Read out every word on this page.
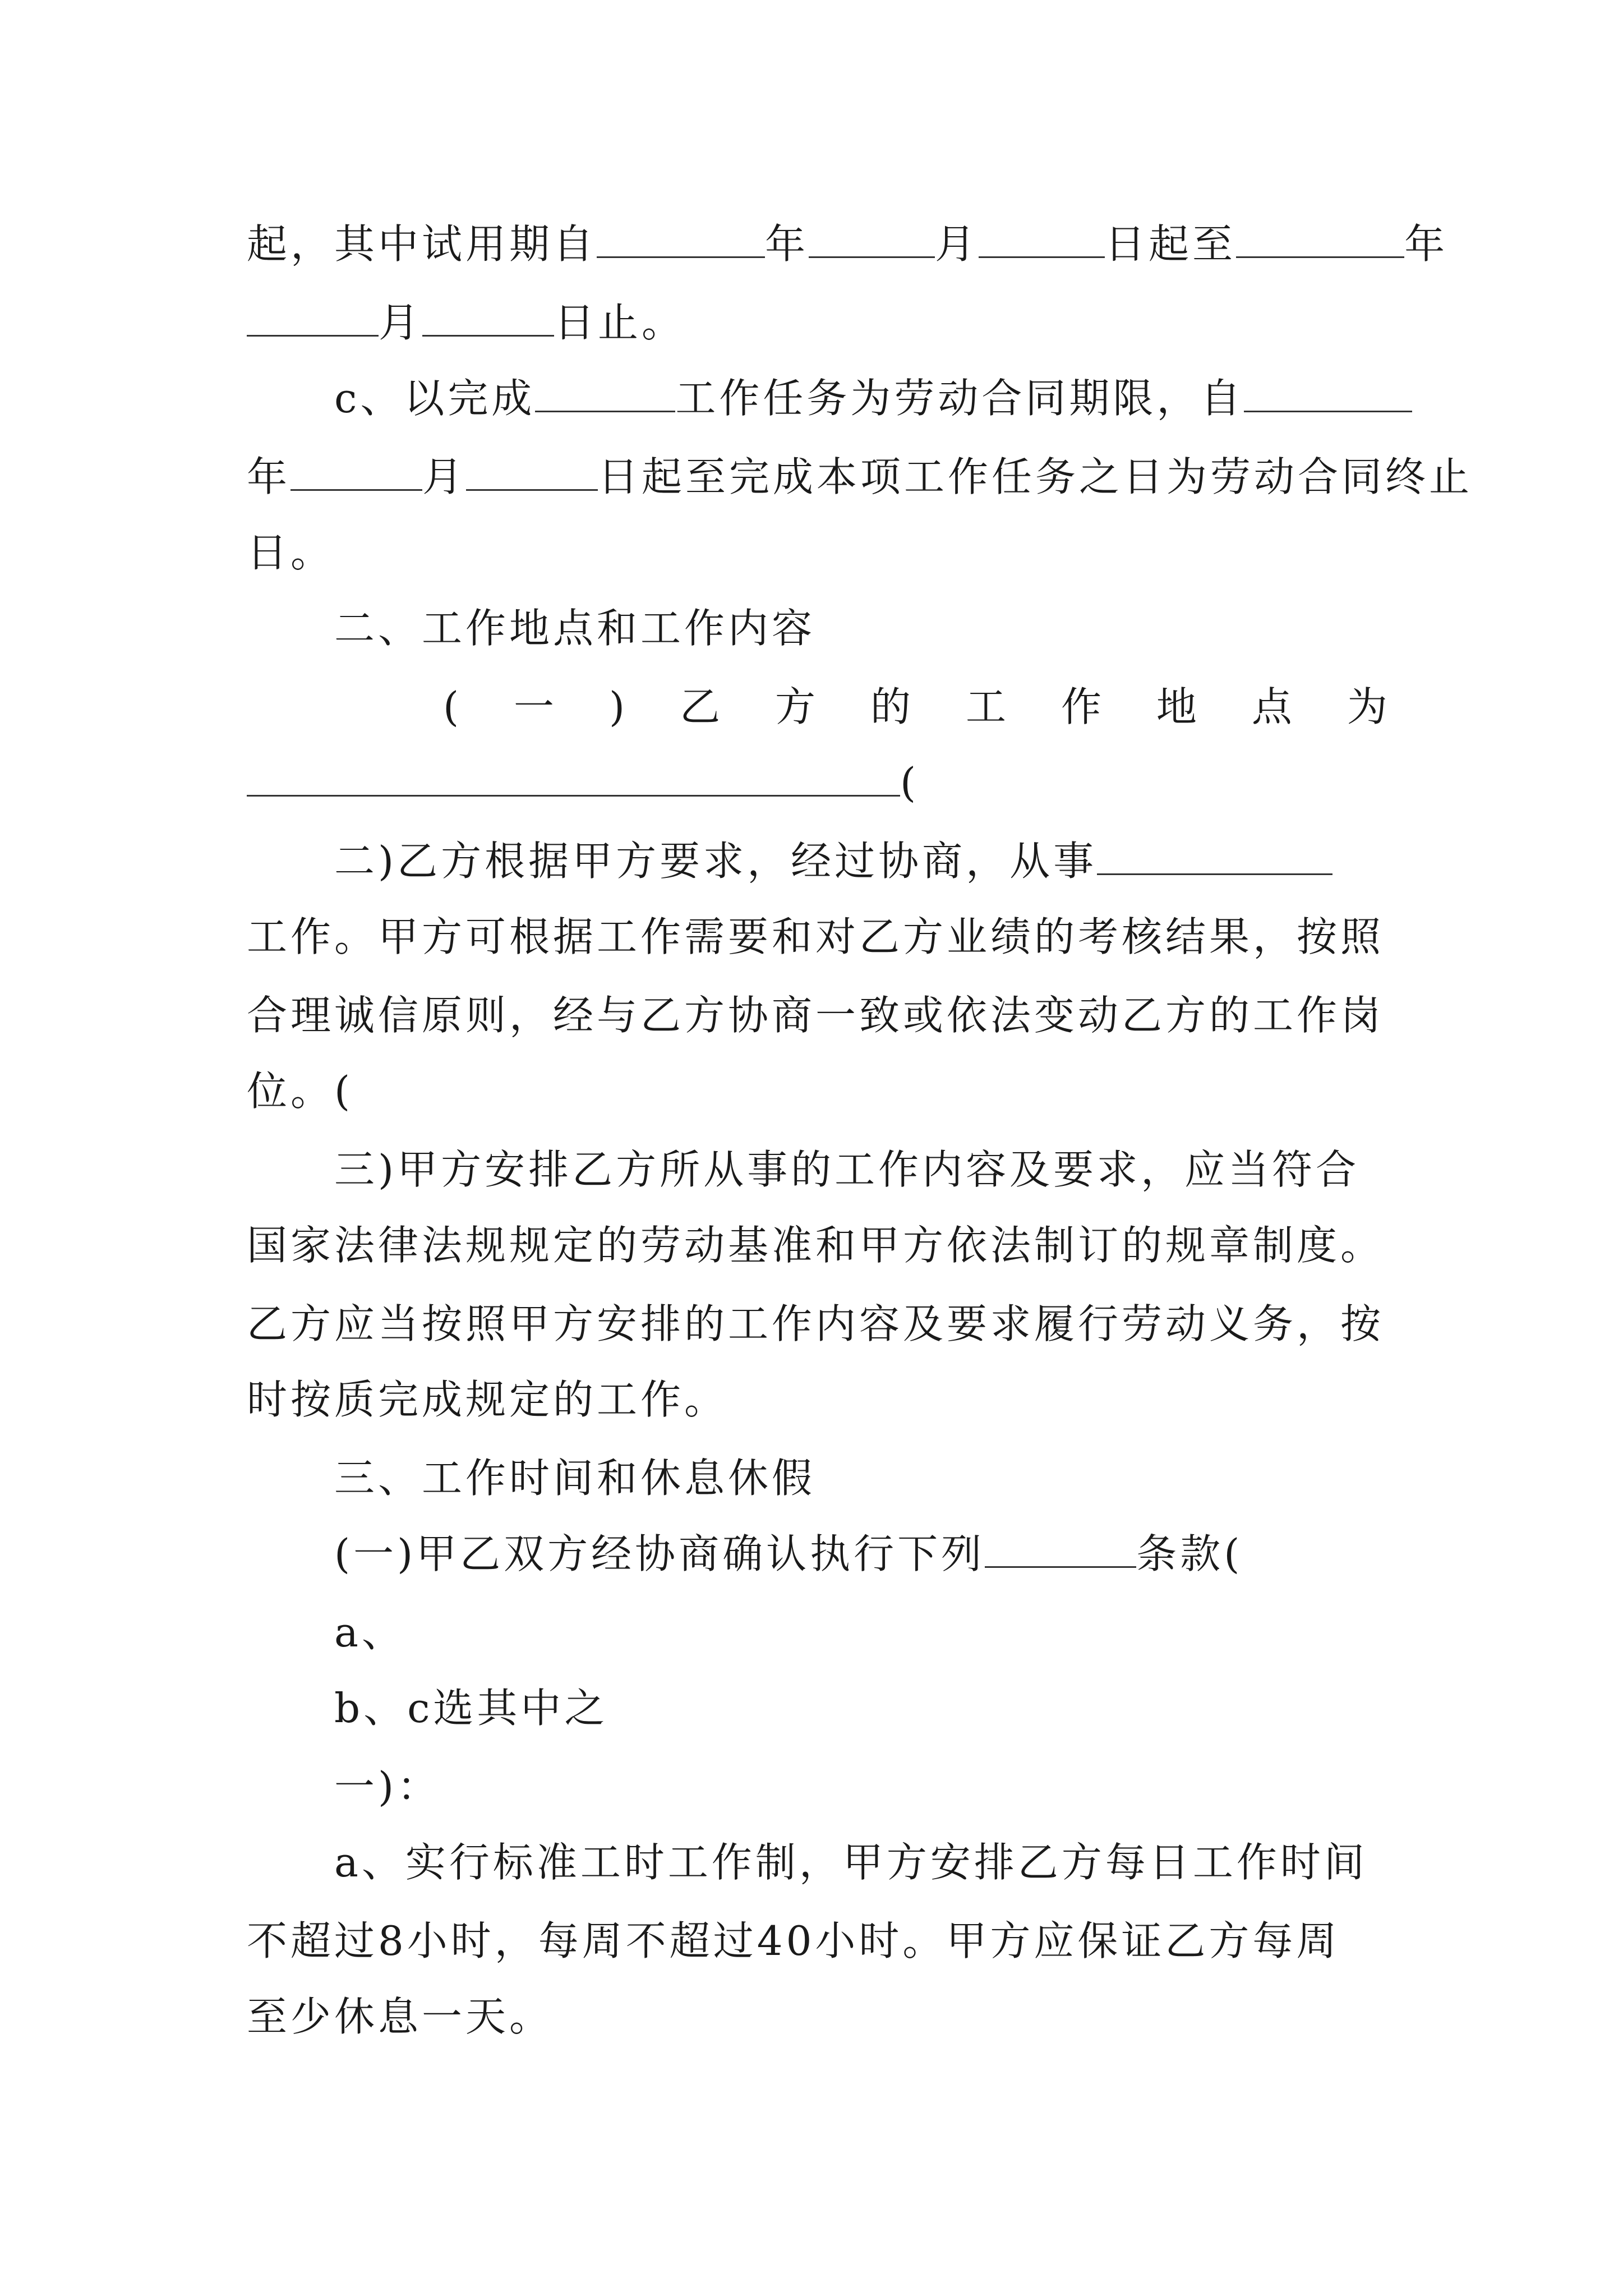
起，其中试用期自	年	月	日起至	年
月	日止。
c、以完成	工作任务为劳动合同期限，自
年	月	日起至完成本项工作任务之日为劳动合同终止
日。
二、工作地点和工作内容
( 一 ) 乙 方 的 工 作 地 点 为
(
二)乙方根据甲方要求，经过协商，从事
工作。甲方可根据工作需要和对乙方业绩的考核结果，按照
合理诚信原则，经与乙方协商一致或依法变动乙方的工作岗
位。(
三)甲方安排乙方所从事的工作内容及要求，应当符合
国家法律法规规定的劳动基准和甲方依法制订的规章制度。
乙方应当按照甲方安排的工作内容及要求履行劳动义务，按
时按质完成规定的工作。
三、工作时间和休息休假
(一)甲乙双方经协商确认执行下列	条款(
a、
b、c选其中之
一)：
a、实行标准工时工作制，甲方安排乙方每日工作时间
不超过8小时，每周不超过40小时。甲方应保证乙方每周
至少休息一天。
